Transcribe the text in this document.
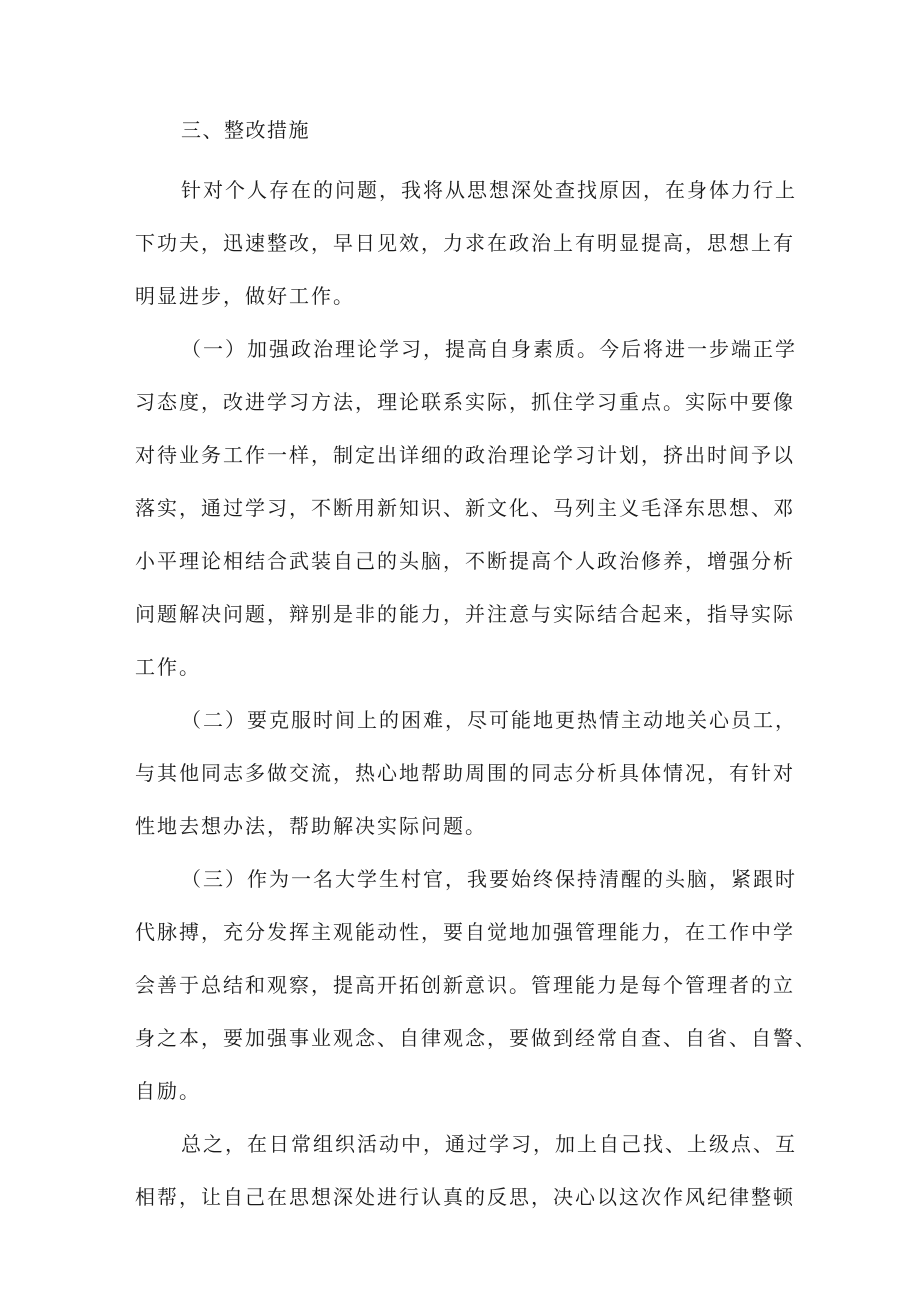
三、整改措施
针对个人存在的问题，我将从思想深处查找原因，在身体力行上
下功夫，迅速整改，早日见效，力求在政治上有明显提高，思想上有
明显进步，做好工作。
（一）加强政治理论学习，提高自身素质。今后将进一步端正学
习态度，改进学习方法，理论联系实际，抓住学习重点。实际中要像
对待业务工作一样，制定出详细的政治理论学习计划，挤出时间予以
落实，通过学习，不断用新知识、新文化、马列主义毛泽东思想、邓
小平理论相结合武装自己的头脑，不断提高个人政治修养，增强分析
问题解决问题，辩别是非的能力，并注意与实际结合起来，指导实际
工作。
（二）要克服时间上的困难，尽可能地更热情主动地关心员工，
与其他同志多做交流，热心地帮助周围的同志分析具体情况，有针对
性地去想办法，帮助解决实际问题。
（三）作为一名大学生村官，我要始终保持清醒的头脑，紧跟时
代脉搏，充分发挥主观能动性，要自觉地加强管理能力，在工作中学
会善于总结和观察，提高开拓创新意识。管理能力是每个管理者的立
身之本，要加强事业观念、自律观念，要做到经常自查、自省、自警、
自励。
总之，在日常组织活动中，通过学习，加上自己找、上级点、互
相帮，让自己在思想深处进行认真的反思，决心以这次作风纪律整顿
